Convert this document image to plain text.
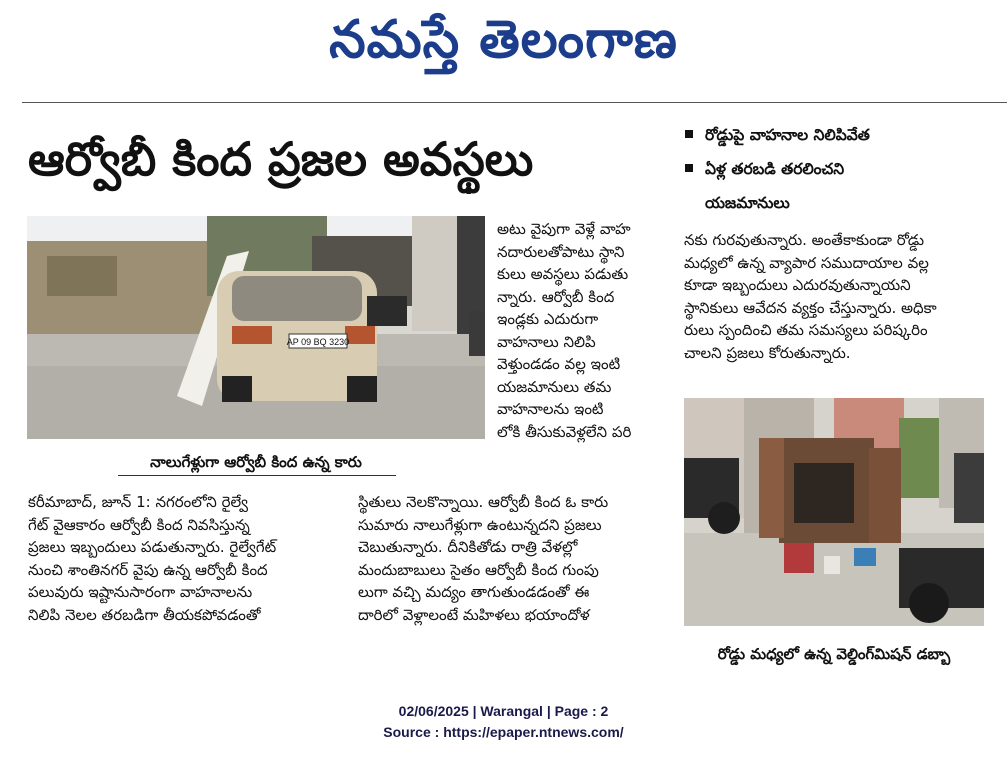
నమస్తే తెలంగాణ
ఆర్వోబీ కింద ప్రజల అవస్థలు	రోడ్డుపై వాహనాల నిలిపివేత
ఏళ్ల తరబడి తరలించని
యజమానులు
AP 09 BQ 3230
నాలుగేళ్లుగా ఆర్వోబీ కింద ఉన్న కారు
అటు వైపుగా వెళ్లే వాహ
నదారులతోపాటు స్థాని
కులు అవస్థలు పడుతు
న్నారు. ఆర్వోబీ కింద
ఇండ్లకు ఎదురుగా
వాహనాలు నిలిపి
వెళ్తుండడం వల్ల ఇంటి
యజమానులు తమ
వాహనాలను ఇంటి
లోకి తీసుకువెళ్లలేని పరి
కరీమాబాద్, జూన్ 1: నగరంలోని రైల్వే
గేట్ వైఆకారం ఆర్వోబీ కింద నివసిస్తున్న
ప్రజలు ఇబ్బందులు పడుతున్నారు. రైల్వేగేట్
నుంచి శాంతినగర్ వైపు ఉన్న ఆర్వోబీ కింద
పలువురు ఇష్టానుసారంగా వాహనాలను
నిలిపి నెలల తరబడిగా తీయకపోవడంతో
స్థితులు నెలకొన్నాయి. ఆర్వోబీ కింద ఓ కారు
సుమారు నాలుగేళ్లుగా ఉంటున్నదని ప్రజలు
చెబుతున్నారు. దీనికితోడు రాత్రి వేళల్లో
మందుబాబులు సైతం ఆర్వోబీ కింద గుంపు
లుగా వచ్చి మద్యం తాగుతుండడంతో ఈ
దారిలో వెళ్లాలంటే మహిళలు భయాందోళ
నకు గురవుతున్నారు. అంతేకాకుండా రోడ్డు
మధ్యలో ఉన్న వ్యాపార సముదాయాల వల్ల
కూడా ఇబ్బందులు ఎదురవుతున్నాయని
స్థానికులు ఆవేదన వ్యక్తం చేస్తున్నారు. అధికా
రులు స్పందించి తమ సమస్యలు పరిష్కరిం
చాలని ప్రజలు కోరుతున్నారు.
రోడ్డు మధ్యలో ఉన్న వెల్డింగ్‌మిషన్ డబ్బా
02/06/2025 | Warangal | Page : 2
Source : https://epaper.ntnews.com/
